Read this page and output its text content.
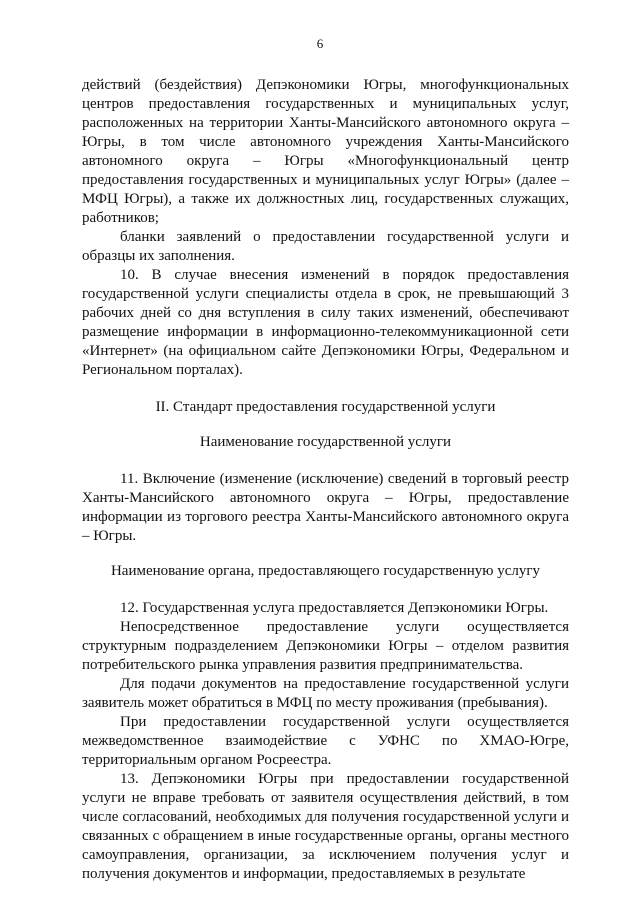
6

действий (бездействия) Депэкономики Югры, многофункциональных центров предоставления государственных и муниципальных услуг, расположенных на территории Ханты-Мансийского автономного округа – Югры, в том числе автономного учреждения Ханты-Мансийского автономного округа – Югры «Многофункциональный центр предоставления государственных и муниципальных услуг Югры» (далее – МФЦ Югры), а также их должностных лиц, государственных служащих, работников;

бланки заявлений о предоставлении государственной услуги и образцы их заполнения.

10. В случае внесения изменений в порядок предоставления государственной услуги специалисты отдела в срок, не превышающий 3 рабочих дней со дня вступления в силу таких изменений, обеспечивают размещение информации в информационно-телекоммуникационной сети «Интернет» (на официальном сайте Депэкономики Югры, Федеральном и Региональном порталах).

II. Стандарт предоставления государственной услуги

Наименование государственной услуги

11. Включение (изменение (исключение) сведений в торговый реестр Ханты-Мансийского автономного округа – Югры, предоставление информации из торгового реестра Ханты-Мансийского автономного округа – Югры.

Наименование органа, предоставляющего государственную услугу

12. Государственная услуга предоставляется Депэкономики Югры.

Непосредственное предоставление услуги осуществляется структурным подразделением Депэкономики Югры – отделом развития потребительского рынка управления развития предпринимательства.

Для подачи документов на предоставление государственной услуги заявитель может обратиться в МФЦ по месту проживания (пребывания).

При предоставлении государственной услуги осуществляется межведомственное взаимодействие с УФНС по ХМАО-Югре, территориальным органом Росреестра.

13. Депэкономики Югры при предоставлении государственной услуги не вправе требовать от заявителя осуществления действий, в том числе согласований, необходимых для получения государственной услуги и связанных с обращением в иные государственные органы, органы местного самоуправления, организации, за исключением получения услуг и получения документов и информации, предоставляемых в результате
